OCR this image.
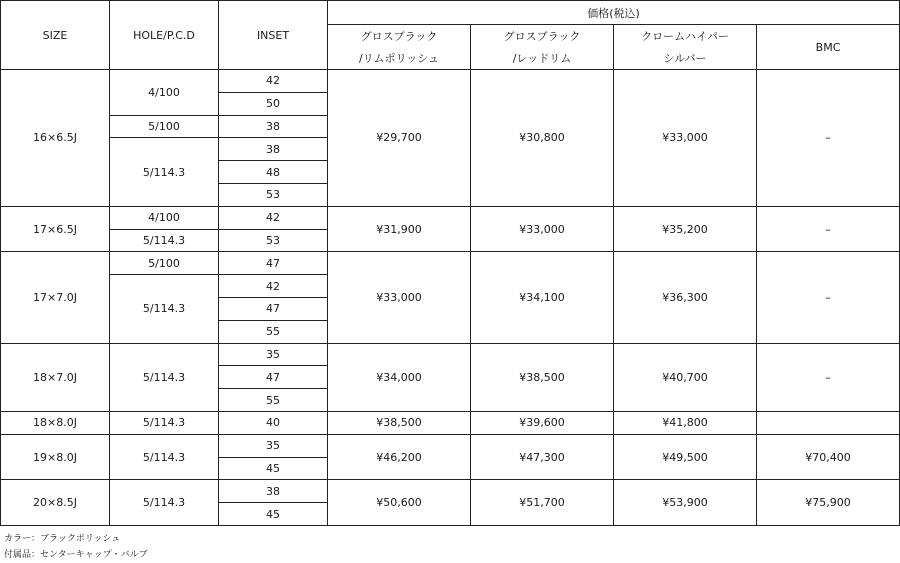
SIZE	HOLE/P.C.D	INSET	価格(税込)			
			グロスブラック	グロスブラック	クロームハイパー	BMC
			/リムポリッシュ	/レッドリム	シルバー	
16×6.5J	4/100	42	¥29,700	¥30,800	¥33,000	–
		50				
	5/100	38				
	5/114.3	38				
		48				
		53				
17×6.5J	4/100	42	¥31,900	¥33,000	¥35,200	–
	5/114.3	53				
17×7.0J	5/100	47	¥33,000	¥34,100	¥36,300	–
	5/114.3	42				
		47				
		55				
18×7.0J	5/114.3	35	¥34,000	¥38,500	¥40,700	–
		47				
		55				
18×8.0J	5/114.3	40	¥38,500	¥39,600	¥41,800	
19×8.0J	5/114.3	35	¥46,200	¥47,300	¥49,500	¥70,400
		45				
20×8.5J	5/114.3	38	¥50,600	¥51,700	¥53,900	¥75,900
		45				
カラー：ブラックポリッシュ
付属品：センターキャップ・バルブ
